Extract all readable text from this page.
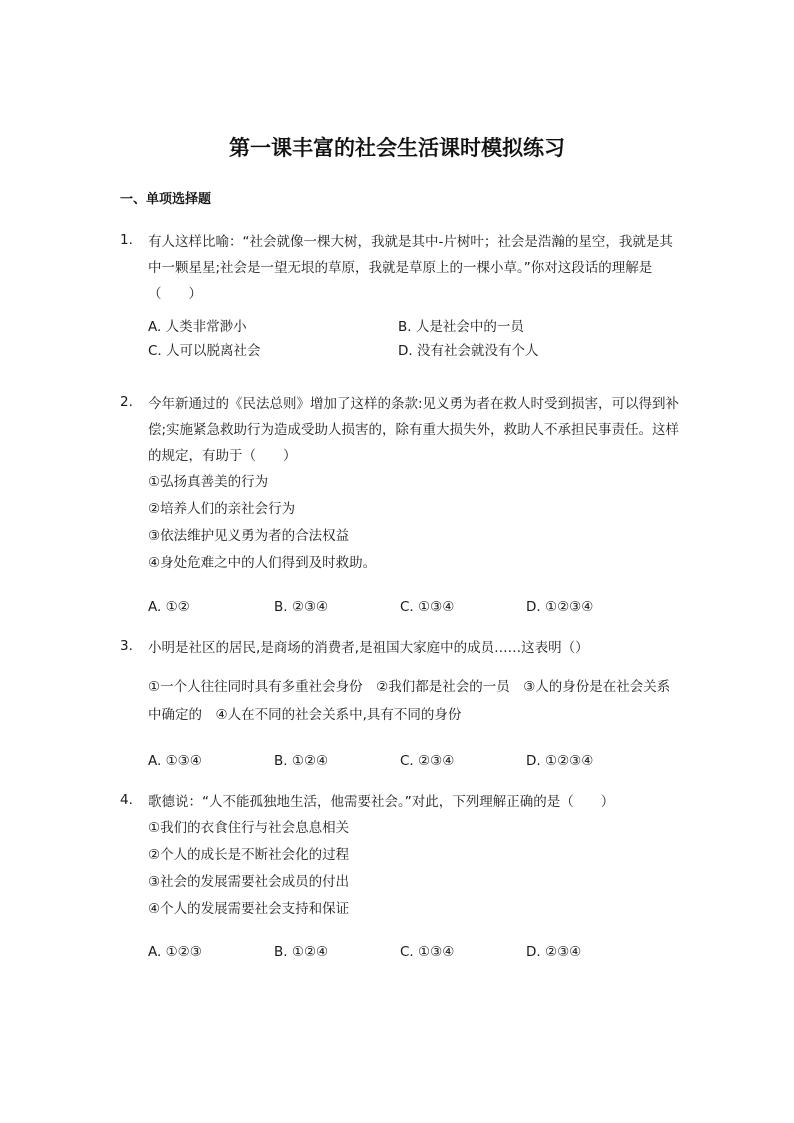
第一课丰富的社会生活课时模拟练习
一、单项选择题
1. 有人这样比喻：“社会就像一棵大树，我就是其中-片树叶；社会是浩瀚的星空，我就是其中一颗星星;社会是一望无垠的草原，我就是草原上的一棵小草。”你对这段话的理解是（　　）
A. 人类非常渺小	B. 人是社会中的一员
C. 人可以脱离社会	D. 没有社会就没有个人
2. 今年新通过的《民法总则》增加了这样的条款:见义勇为者在救人时受到损害，可以得到补偿;实施紧急救助行为造成受助人损害的，除有重大损失外，救助人不承担民事责任。这样的规定，有助于（　　）
①弘扬真善美的行为
②培养人们的亲社会行为
③依法维护见义勇为者的合法权益
④身处危难之中的人们得到及时救助。
A. ①②	B. ②③④	C. ①③④	D. ①②③④
3. 小明是社区的居民,是商场的消费者,是祖国大家庭中的成员……这表明（）
①一个人往往同时具有多重社会身份　②我们都是社会的一员　③人的身份是在社会关系中确定的　④人在不同的社会关系中,具有不同的身份
A. ①③④	B. ①②④	C. ②③④	D. ①②③④
4. 歌德说：“人不能孤独地生活，他需要社会。”对此，下列理解正确的是（　　）
①我们的衣食住行与社会息息相关
②个人的成长是不断社会化的过程
③社会的发展需要社会成员的付出
④个人的发展需要社会支持和保证
A. ①②③	B. ①②④	C. ①③④	D. ②③④
